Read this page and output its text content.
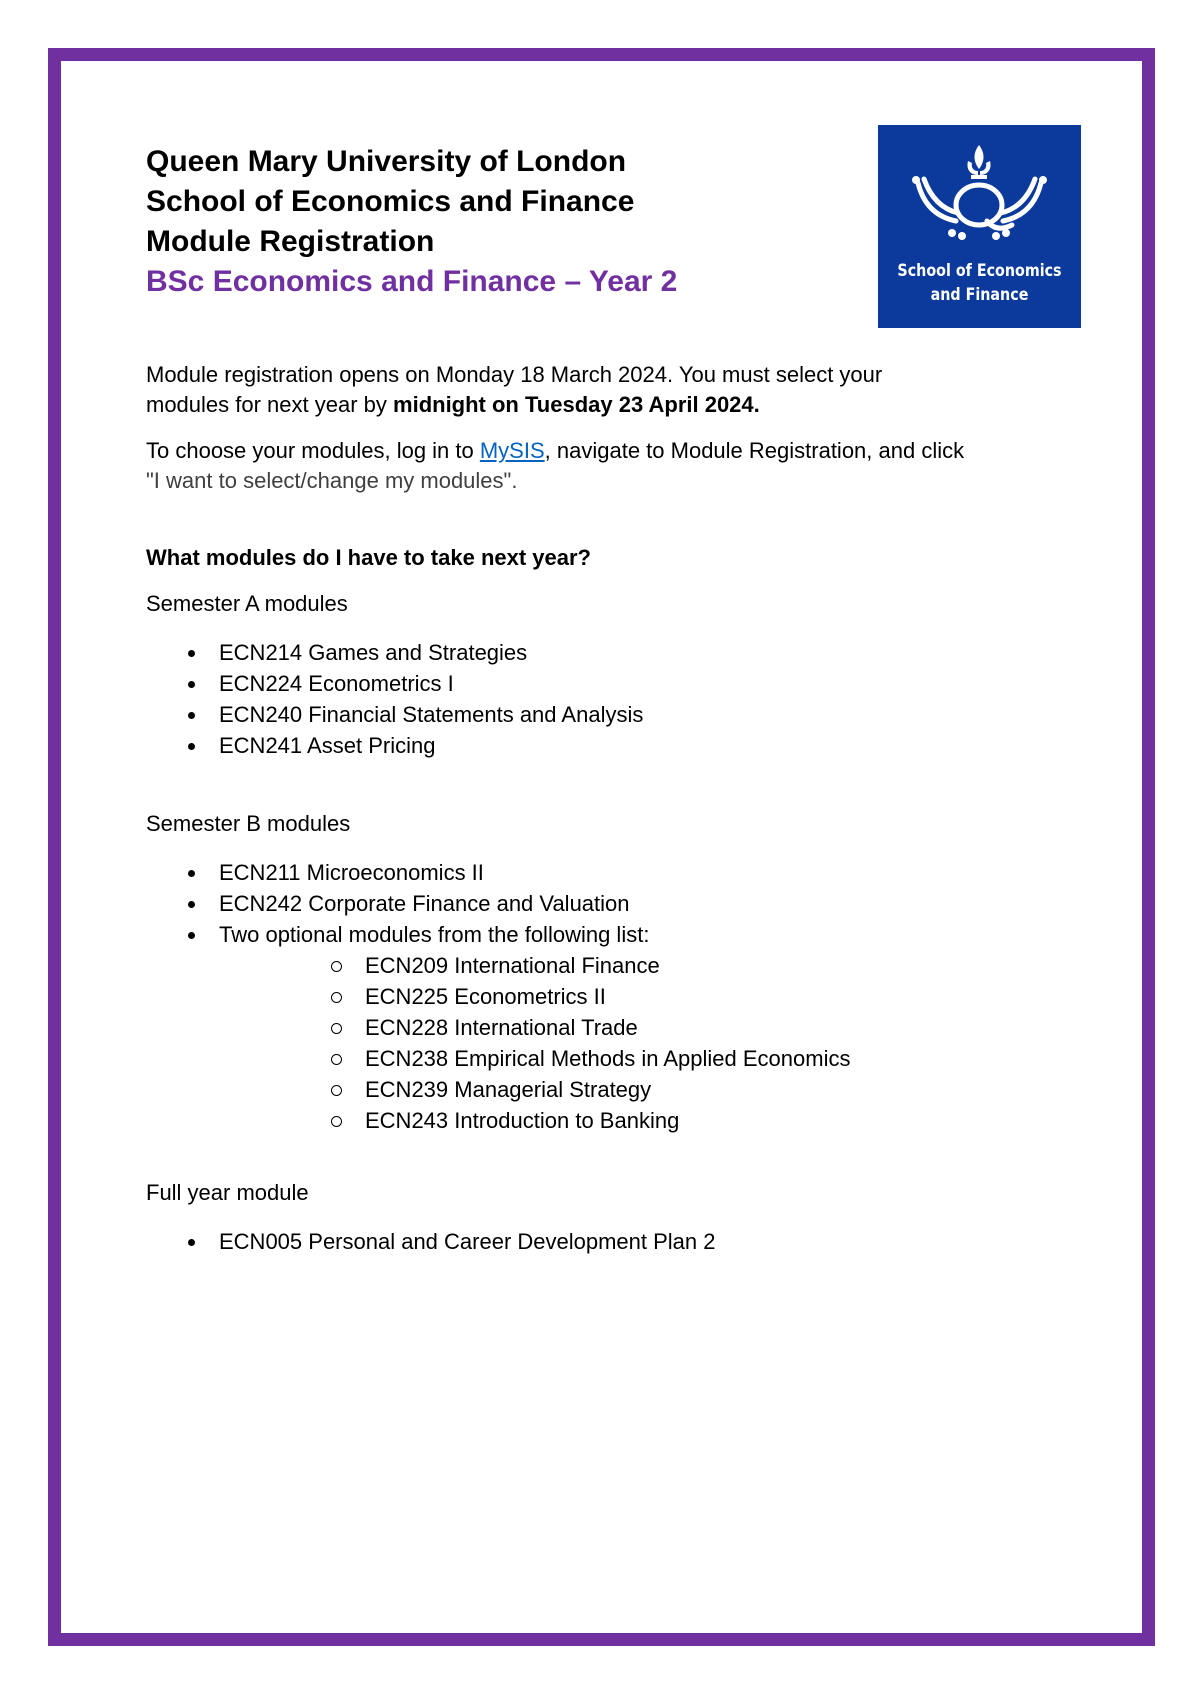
Queen Mary University of London
School of Economics and Finance
Module Registration
BSc Economics and Finance – Year 2	School of Economics
and Finance
Module registration opens on Monday 18 March 2024. You must select your
modules for next year by midnight on Tuesday 23 April 2024.
To choose your modules, log in to MySIS, navigate to Module Registration, and click
"I want to select/change my modules".
What modules do I have to take next year?
Semester A modules
ECN214 Games and Strategies
ECN224 Econometrics I
ECN240 Financial Statements and Analysis
ECN241 Asset Pricing
Semester B modules
ECN211 Microeconomics II
ECN242 Corporate Finance and Valuation
Two optional modules from the following list:
ECN209 International Finance
ECN225 Econometrics II
ECN228 International Trade
ECN238 Empirical Methods in Applied Economics
ECN239 Managerial Strategy
ECN243 Introduction to Banking
Full year module
ECN005 Personal and Career Development Plan 2
